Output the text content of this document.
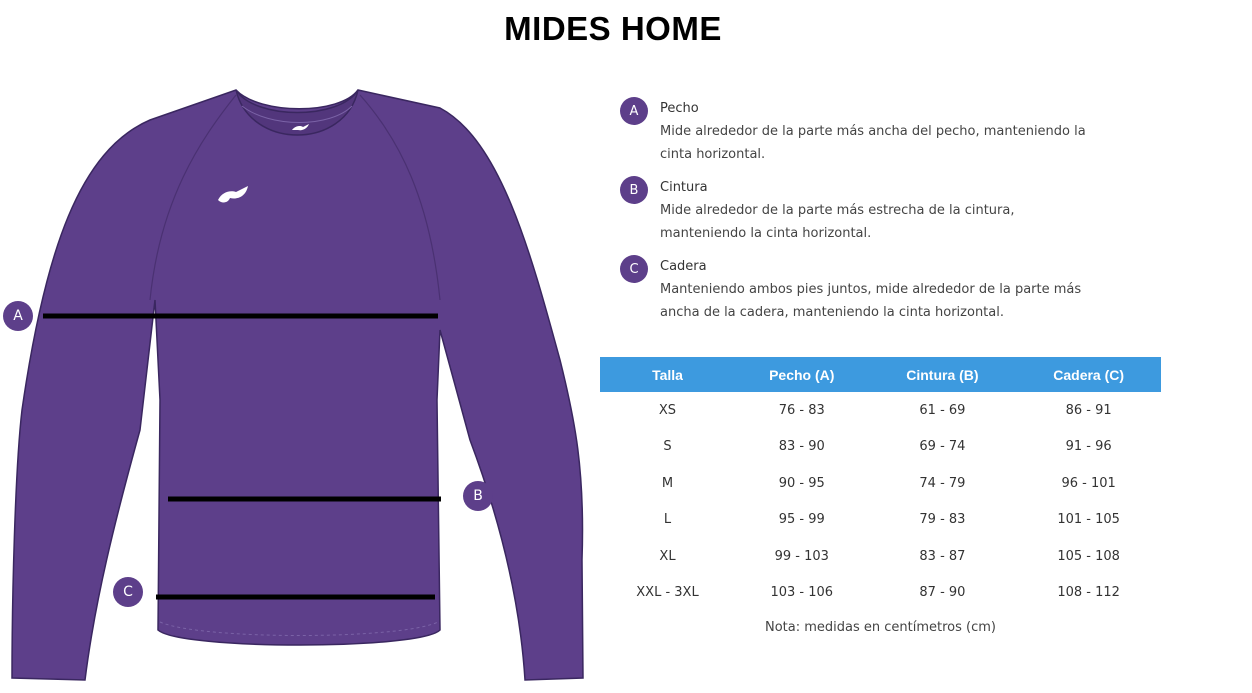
MIDES HOME
A
B
C
A	Pecho
Mide alrededor de la parte más ancha del pecho, manteniendo la cinta horizontal.
B	Cintura
Mide alrededor de la parte más estrecha de la cintura, manteniendo la cinta horizontal.
C	Cadera
Manteniendo ambos pies juntos, mide alrededor de la parte más ancha de la cadera, manteniendo la cinta horizontal.
Talla	Pecho (A)	Cintura (B)	Cadera (C)
XS	76 - 83	61 - 69	86 - 91
S	83 - 90	69 - 74	91 - 96
M	90 - 95	74 - 79	96 - 101
L	95 - 99	79 - 83	101 - 105
XL	99 - 103	83 - 87	105 - 108
XXL - 3XL	103 - 106	87 - 90	108 - 112
Nota: medidas en centímetros (cm)
